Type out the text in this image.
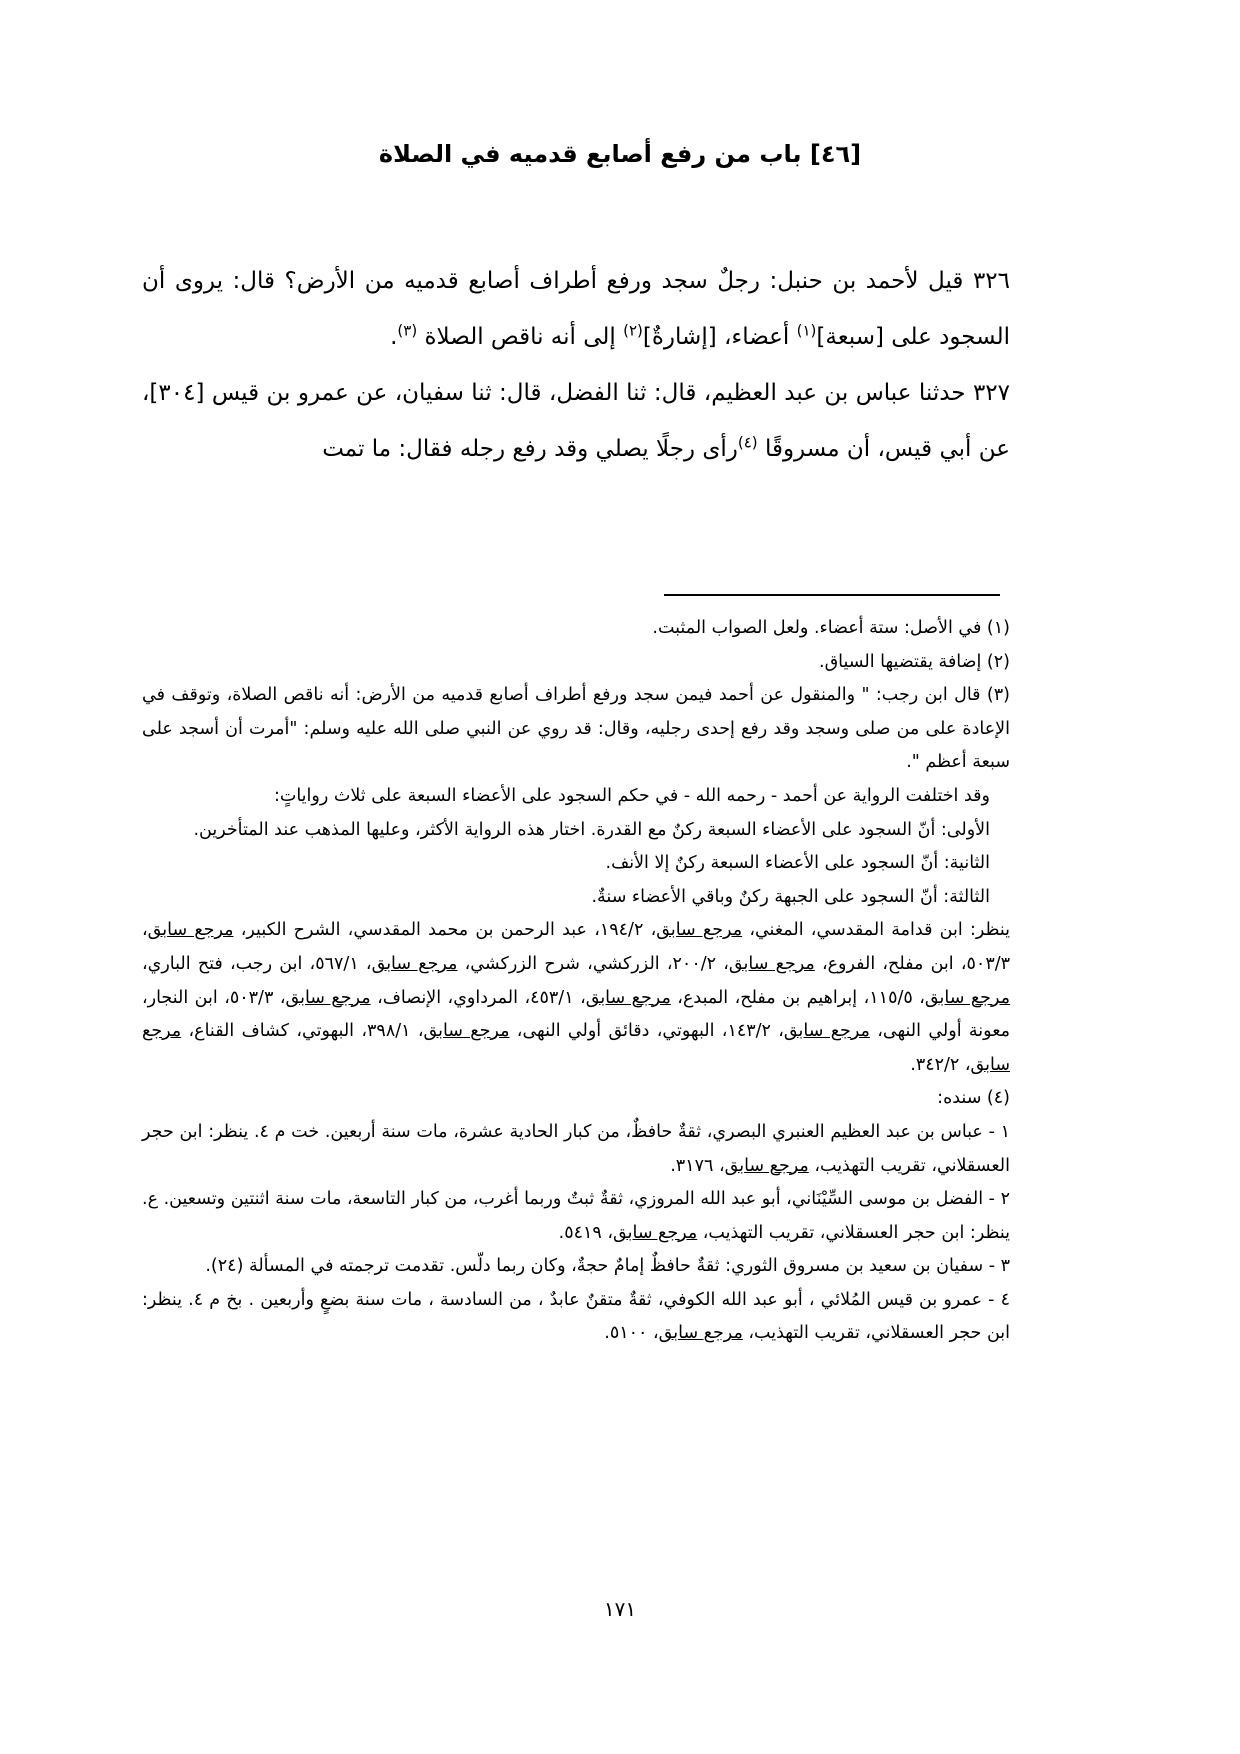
[٤٦] باب من رفع أصابع قدميه في الصلاة

٣٢٦ قيل لأحمد بن حنبل: رجلٌ سجد ورفع أطراف أصابع قدميه من الأرض؟ قال: يروى أن السجود على [سبعة]$^{(١)}$ أعضاء، [إشارةٌ]$^{(٢)}$ إلى أنه ناقص الصلاة $^{(٣)}$.

٣٢٧ حدثنا عباس بن عبد العظيم، قال: ثنا الفضل، قال: ثنا سفيان، عن عمرو بن قيس [٣٠٤]، عن أبي قيس، أن مسروقًا $^{(٤)}$رأى رجلًا يصلي وقد رفع رجله فقال: ما تمت

(١) في الأصل: ستة أعضاء. ولعل الصواب المثبت.

(٢) إضافة يقتضيها السياق.

(٣) قال ابن رجب: " والمنقول عن أحمد فيمن سجد ورفع أطراف أصابع قدميه من الأرض: أنه ناقص الصلاة، وتوقف في الإعادة على من صلى وسجد وقد رفع إحدى رجليه، وقال: قد روي عن النبي صلى الله عليه وسلم: "أمرت أن أسجد على سبعة أعظم ".

وقد اختلفت الرواية عن أحمد - رحمه الله - في حكم السجود على الأعضاء السبعة على ثلاث رواياتٍ:

الأولى: أنّ السجود على الأعضاء السبعة ركنٌ مع القدرة. اختار هذه الرواية الأكثر، وعليها المذهب عند المتأخرين.

الثانية: أنّ السجود على الأعضاء السبعة ركنٌ إلا الأنف.

الثالثة: أنّ السجود على الجبهة ركنٌ وباقي الأعضاء سنةٌ.

ينظر: ابن قدامة المقدسي، المغني، مرجع سابق، ١٩٤/٢، عبد الرحمن بن محمد المقدسي، الشرح الكبير، مرجع سابق، ٥٠٣/٣، ابن مفلح، الفروع، مرجع سابق، ٢٠٠/٢، الزركشي، شرح الزركشي، مرجع سابق، ٥٦٧/١، ابن رجب، فتح الباري، مرجع سابق، ١١٥/٥، إبراهيم بن مفلح، المبدع، مرجع سابق، ٤٥٣/١، المرداوي، الإنصاف، مرجع سابق، ٥٠٣/٣، ابن النجار، معونة أولي النهى، مرجع سابق، ١٤٣/٢، البهوتي، دقائق أولي النهى، مرجع سابق، ٣٩٨/١، البهوتي، كشاف القناع، مرجع سابق، ٣٤٢/٢.

(٤) سنده:

١ - عباس بن عبد العظيم العنبري البصري، ثقةٌ حافظٌ، من كبار الحادية عشرة، مات سنة أربعين. خت م ٤. ينظر: ابن حجر العسقلاني، تقريب التهذيب، مرجع سابق، ٣١٧٦.

٢ - الفضل بن موسى السِّيْنَاني، أبو عبد الله المروزي، ثقةٌ ثبتٌ وربما أغرب، من كبار التاسعة، مات سنة اثنتين وتسعين. ع. ينظر: ابن حجر العسقلاني، تقريب التهذيب، مرجع سابق، ٥٤١٩.

٣ - سفيان بن سعيد بن مسروق الثوري: ثقةٌ حافظٌ إمامٌ حجةٌ، وكان ربما دلّس. تقدمت ترجمته في المسألة (٢٤).

٤ - عمرو بن قيس المُلائي ، أبو عبد الله الكوفي، ثقةٌ متقنٌ عابدٌ ، من السادسة ، مات سنة بضعٍ وأربعين . بخ م ٤. ينظر: ابن حجر العسقلاني، تقريب التهذيب، مرجع سابق، ٥١٠٠.

١٧١
